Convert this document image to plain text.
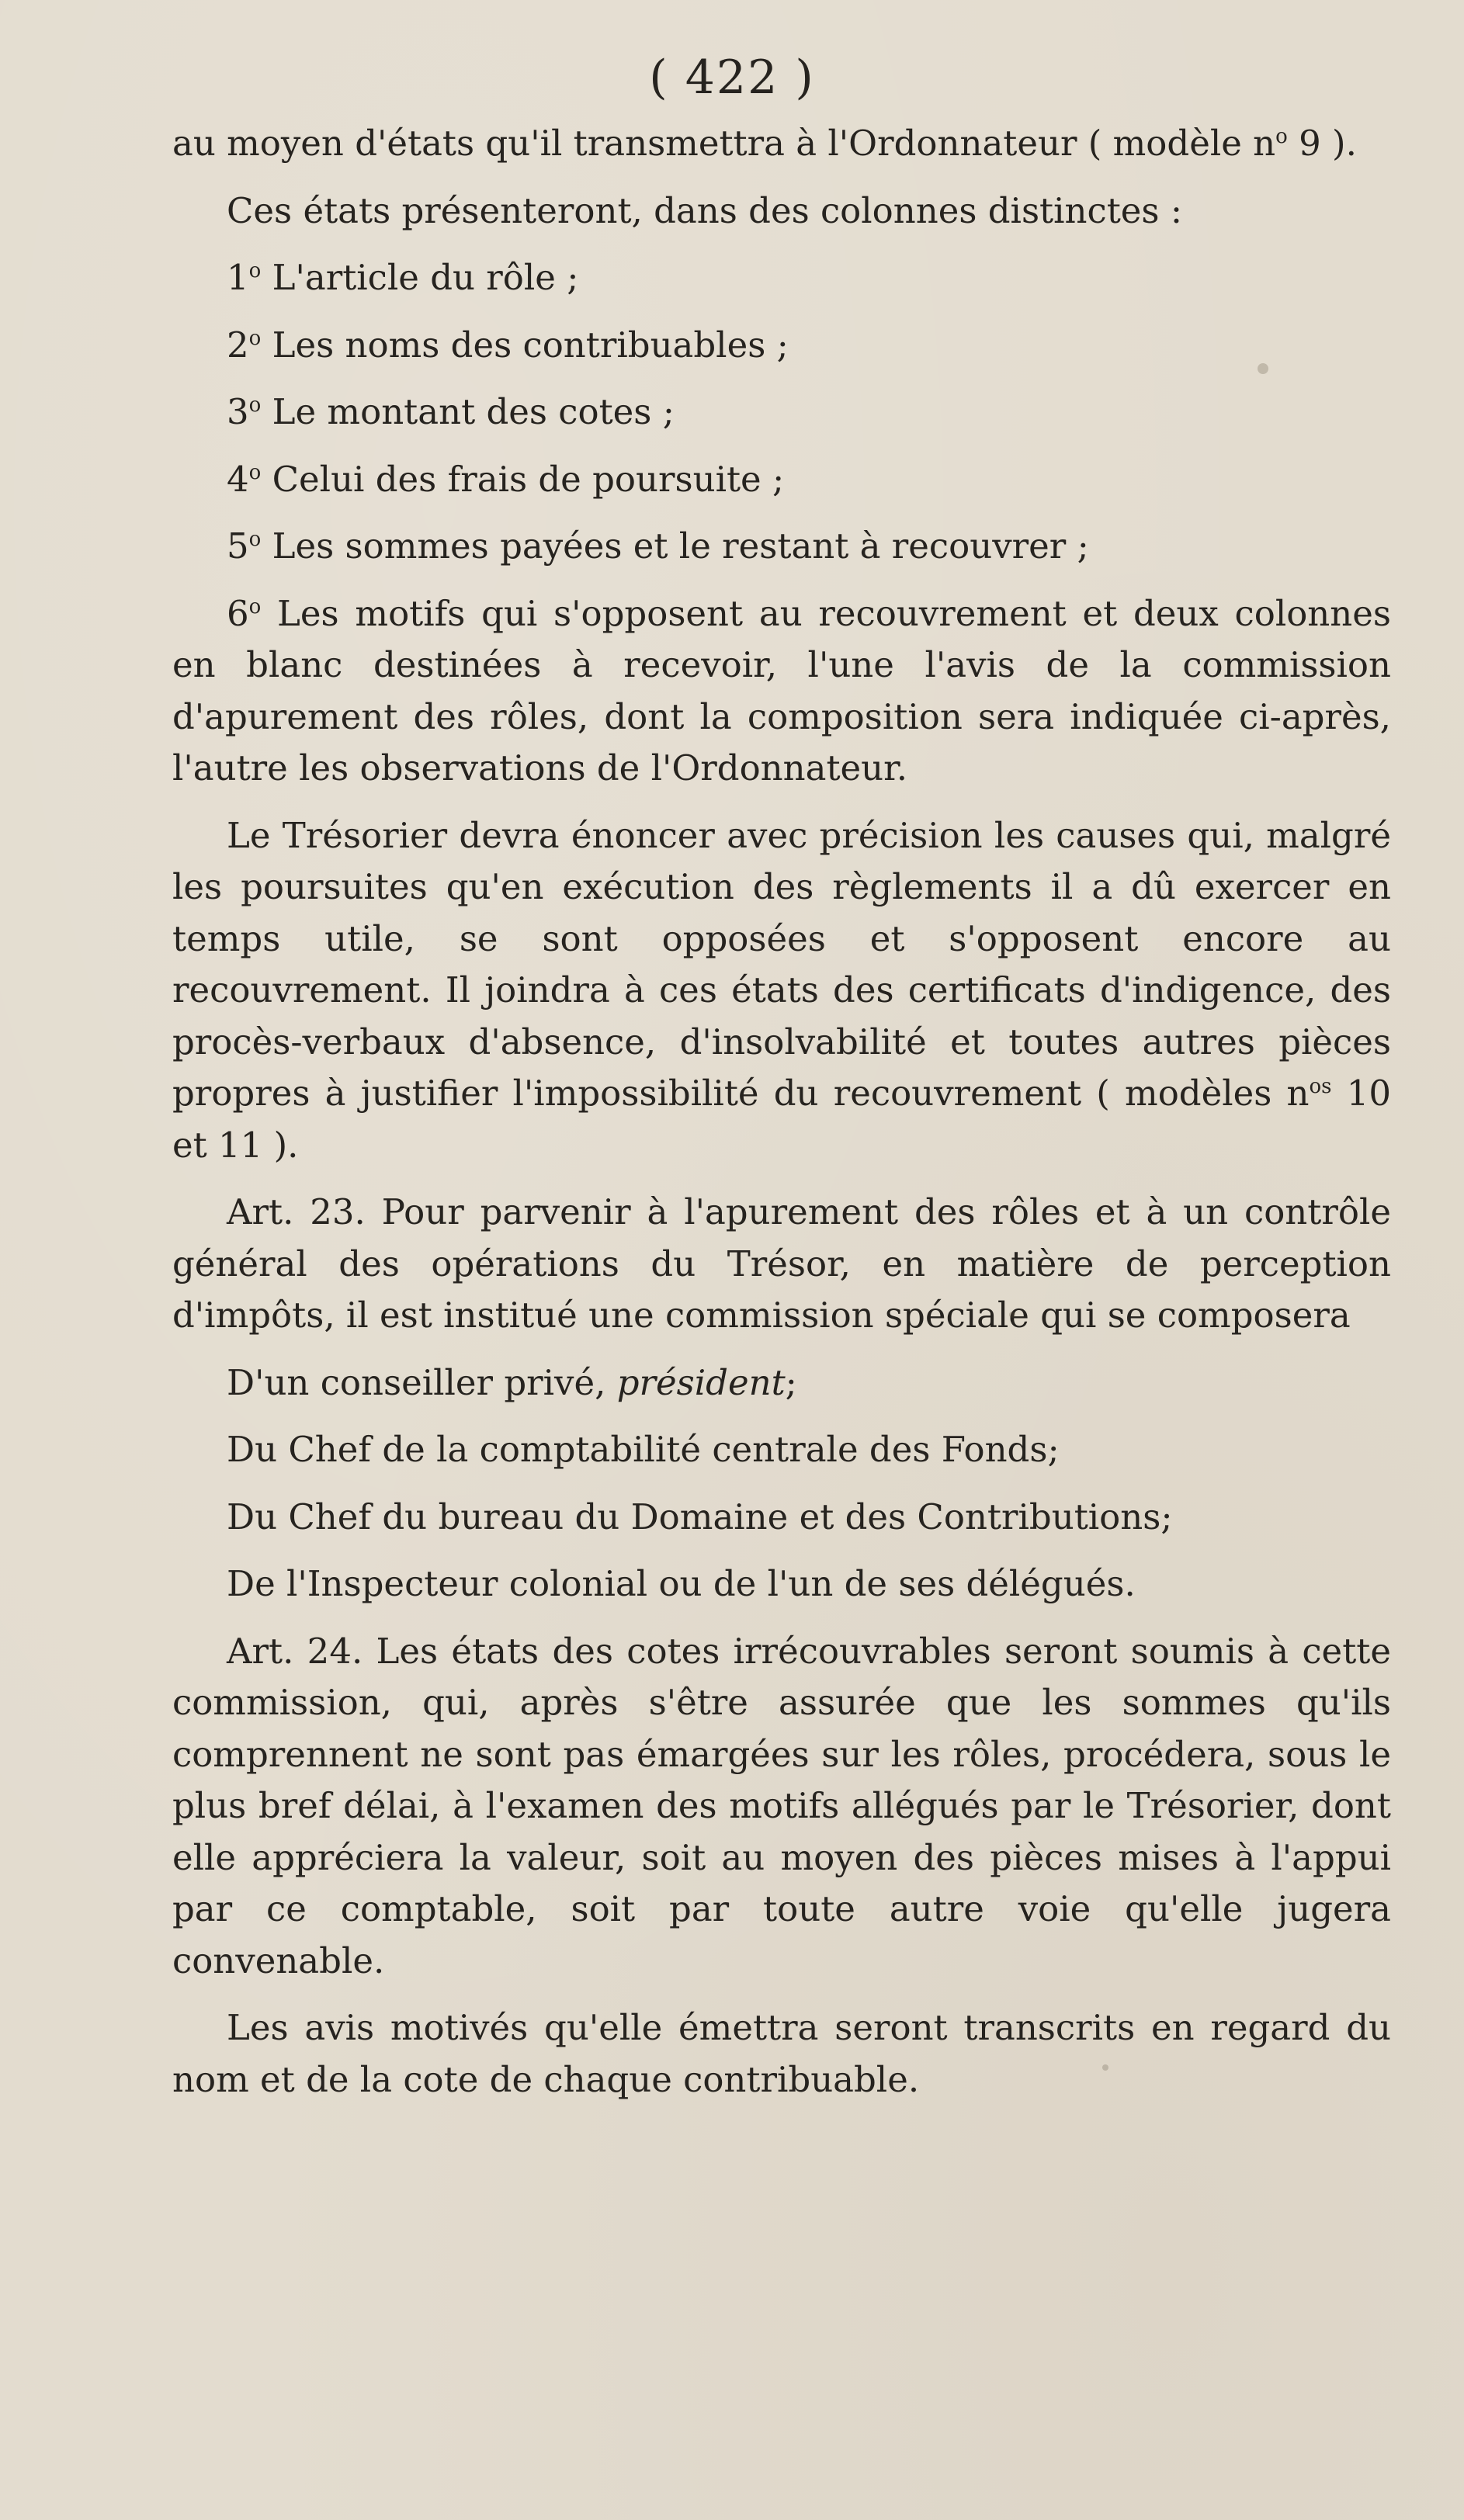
( 422 )

au moyen d'états qu'il transmettra à l'Ordonnateur ( modèle $n^o$ 9 ).

Ces états présenteront, dans des colonnes distinctes :

1$^o$ L'article du rôle ;
2$^o$ Les noms des contribuables ;
3$^o$ Le montant des cotes ;
4$^o$ Celui des frais de poursuite ;
5$^o$ Les sommes payées et le restant à recouvrer ;

6$^o$ Les motifs qui s'opposent au recouvrement et deux colonnes en blanc destinées à recevoir, l'une l'avis de la commission d'apurement des rôles, dont la composition sera indiquée ci-après, l'autre les observations de l'Ordonnateur.

Le Trésorier devra énoncer avec précision les causes qui, malgré les poursuites qu'en exécution des règlements il a dû exercer en temps utile, se sont opposées et s'opposent encore au recouvrement. Il joindra à ces états des certificats d'indigence, des procès-verbaux d'absence, d'insolvabilité et toutes autres pièces propres à justifier l'impossibilité du recouvrement ( modèles $n^{os}$ 10 et 11 ).

Art. 23. Pour parvenir à l'apurement des rôles et à un contrôle général des opérations du Trésor, en matière de perception d'impôts, il est institué une commission spéciale qui se composera

D'un conseiller privé, président;

Du Chef de la comptabilité centrale des Fonds;

Du Chef du bureau du Domaine et des Contributions;

De l'Inspecteur colonial ou de l'un de ses délégués.

Art. 24. Les états des cotes irrécouvrables seront soumis à cette commission, qui, après s'être assurée que les sommes qu'ils comprennent ne sont pas émargées sur les rôles, procédera, sous le plus bref délai, à l'examen des motifs allégués par le Trésorier, dont elle appréciera la valeur, soit au moyen des pièces mises à l'appui par ce comptable, soit par toute autre voie qu'elle jugera convenable.

Les avis motivés qu'elle émettra seront transcrits en regard du nom et de la cote de chaque contribuable.
